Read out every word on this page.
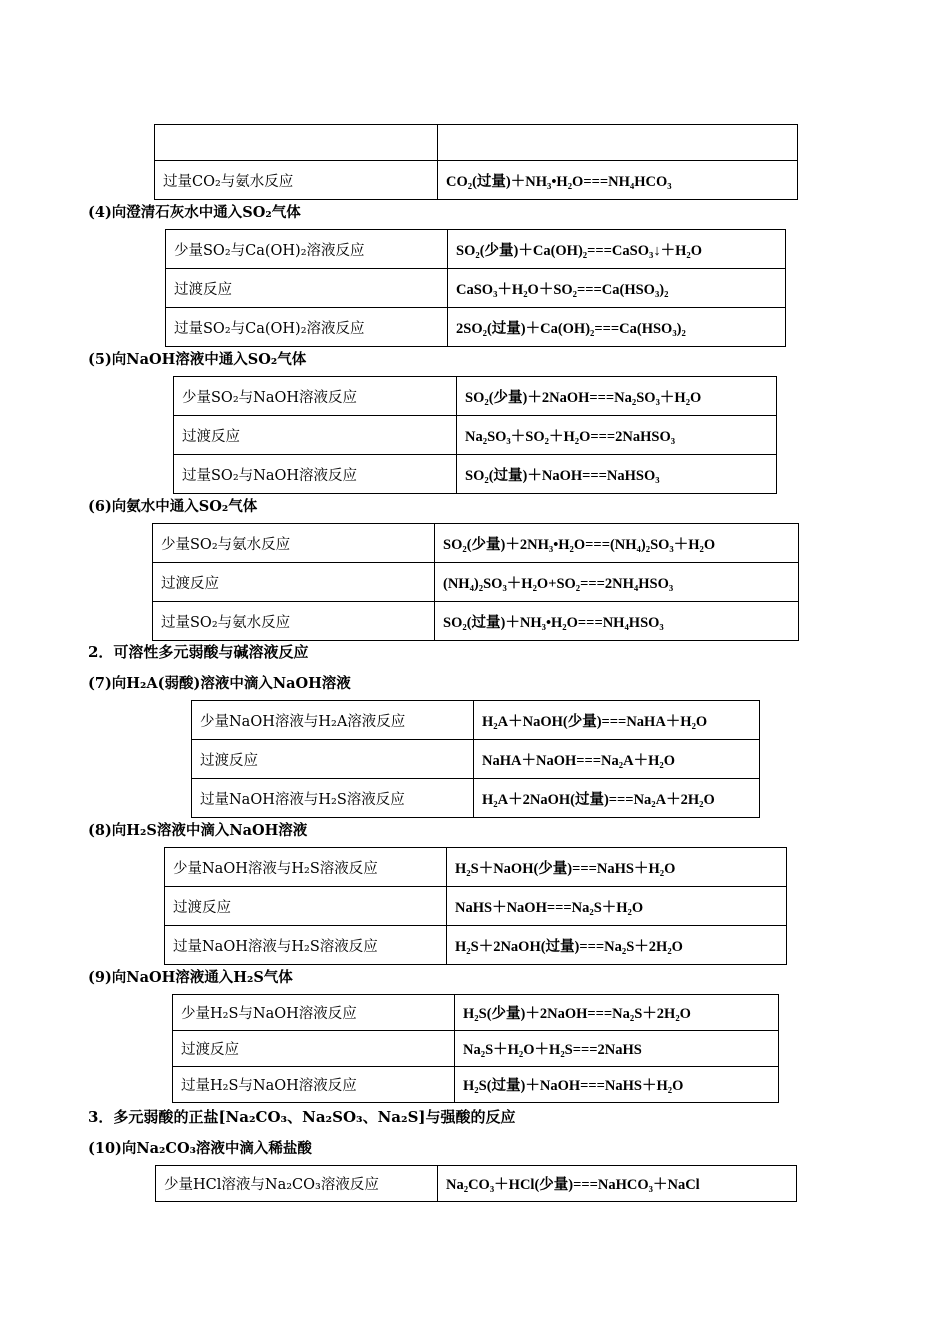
过量CO₂与氨水反应	CO₂(过量)＋NH₃•H₂O===NH₄HCO₃
(4)向澄清石灰水中通入SO₂气体
少量SO₂与Ca(OH)₂溶液反应	SO₂(少量)＋Ca(OH)₂===CaSO₃↓＋H₂O
过渡反应	CaSO₃＋H₂O＋SO₂===Ca(HSO₃)₂
过量SO₂与Ca(OH)₂溶液反应	2SO₂(过量)＋Ca(OH)₂===Ca(HSO₃)₂
(5)向NaOH溶液中通入SO₂气体
少量SO₂与NaOH溶液反应	SO₂(少量)＋2NaOH===Na₂SO₃＋H₂O
过渡反应	Na₂SO₃＋SO₂＋H₂O===2NaHSO₃
过量SO₂与NaOH溶液反应	SO₂(过量)＋NaOH===NaHSO₃
(6)向氨水中通入SO₂气体
少量SO₂与氨水反应	SO₂(少量)＋2NH₃•H₂O===(NH₄)₂SO₃＋H₂O
过渡反应	(NH₄)₂SO₃＋H₂O+SO₂===2NH₄HSO₃
过量SO₂与氨水反应	SO₂(过量)＋NH₃•H₂O===NH₄HSO₃
2．可溶性多元弱酸与碱溶液反应
(7)向H₂A(弱酸)溶液中滴入NaOH溶液
少量NaOH溶液与H₂A溶液反应	H₂A＋NaOH(少量)===NaHA＋H₂O
过渡反应	NaHA＋NaOH===Na₂A＋H₂O
过量NaOH溶液与H₂S溶液反应	H₂A＋2NaOH(过量)===Na₂A＋2H₂O
(8)向H₂S溶液中滴入NaOH溶液
少量NaOH溶液与H₂S溶液反应	H₂S＋NaOH(少量)===NaHS＋H₂O
过渡反应	NaHS＋NaOH===Na₂S＋H₂O
过量NaOH溶液与H₂S溶液反应	H₂S＋2NaOH(过量)===Na₂S＋2H₂O
(9)向NaOH溶液通入H₂S气体
少量H₂S与NaOH溶液反应	H₂S(少量)＋2NaOH===Na₂S＋2H₂O
过渡反应	Na₂S＋H₂O＋H₂S===2NaHS
过量H₂S与NaOH溶液反应	H₂S(过量)＋NaOH===NaHS＋H₂O
3．多元弱酸的正盐[Na₂CO₃、Na₂SO₃、Na₂S]与强酸的反应
(10)向Na₂CO₃溶液中滴入稀盐酸
少量HCl溶液与Na₂CO₃溶液反应	Na₂CO₃＋HCl(少量)===NaHCO₃＋NaCl
